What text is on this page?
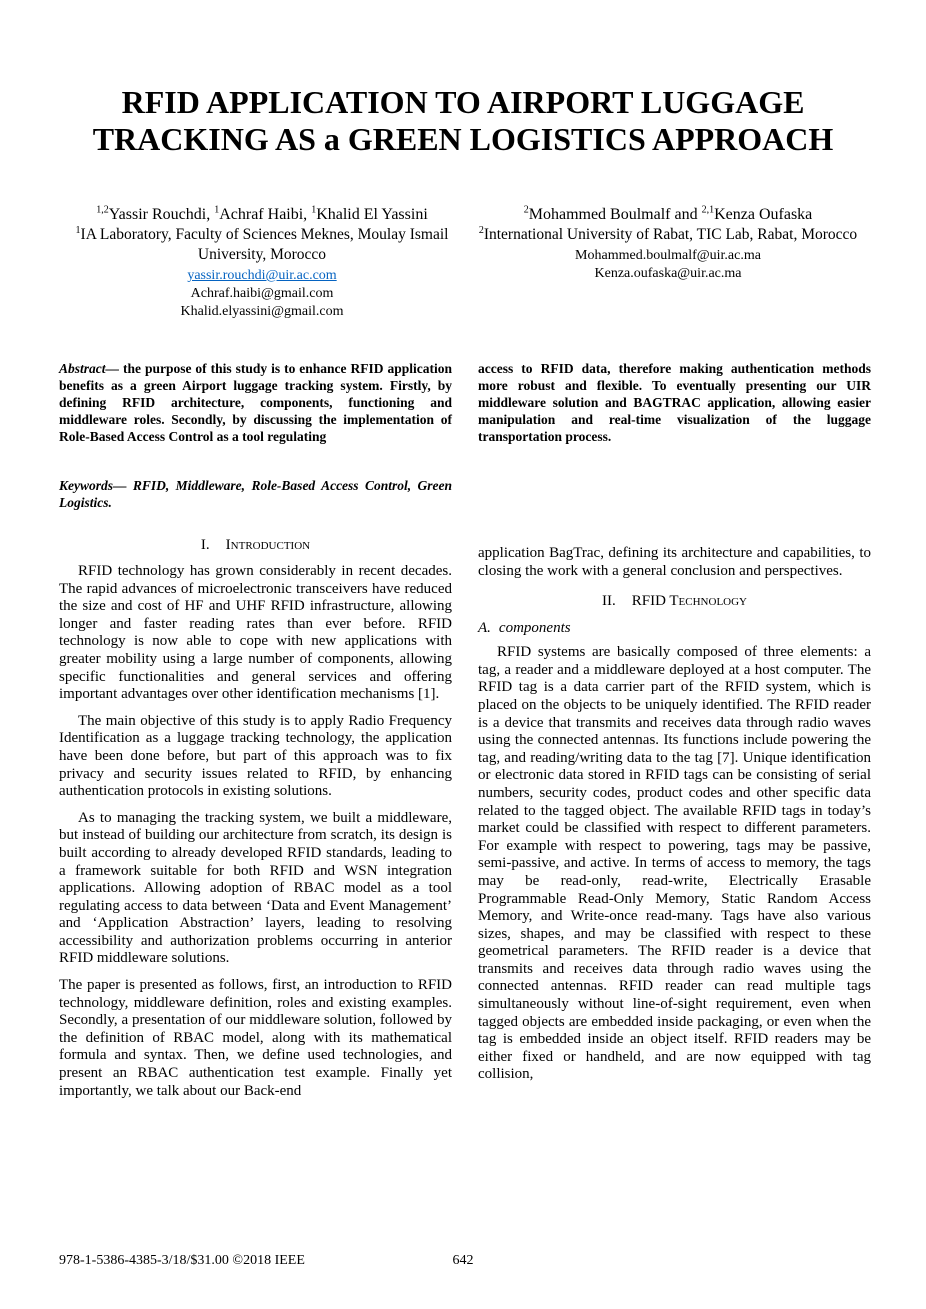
RFID APPLICATION TO AIRPORT LUGGAGE
TRACKING AS a GREEN LOGISTICS APPROACH
$^{1,2}$Yassir Rouchdi, $^1$Achraf Haibi, $^1$Khalid El Yassini
$^1$IA Laboratory, Faculty of Sciences Meknes, Moulay Ismail University, Morocco
yassir.rouchdi@uir.ac.com
Achraf.haibi@gmail.com
Khalid.elyassini@gmail.com
$^2$Mohammed Boulmalf and $^{2,1}$Kenza Oufaska
$^2$International University of Rabat, TIC Lab, Rabat, Morocco
Mohammed.boulmalf@uir.ac.ma
Kenza.oufaska@uir.ac.ma
Abstract— the purpose of this study is to enhance RFID application benefits as a green Airport luggage tracking system. Firstly, by defining RFID architecture, components, functioning and middleware roles. Secondly, by discussing the implementation of Role-Based Access Control as a tool regulating
access to RFID data, therefore making authentication methods more robust and flexible. To eventually presenting our UIR middleware solution and BAGTRAC application, allowing easier manipulation and real-time visualization of the luggage transportation process.
Keywords— RFID, Middleware, Role-Based Access Control, Green Logistics.
I. Introduction

RFID technology has grown considerably in recent decades. The rapid advances of microelectronic transceivers have reduced the size and cost of HF and UHF RFID infrastructure, allowing longer and faster reading rates than ever before. RFID technology is now able to cope with new applications with greater mobility using a large number of components, allowing specific functionalities and general services and offering important advantages over other identification mechanisms [1].

The main objective of this study is to apply Radio Frequency Identification as a luggage tracking technology, the application have been done before, but part of this approach was to fix privacy and security issues related to RFID, by enhancing authentication protocols in existing solutions.

As to managing the tracking system, we built a middleware, but instead of building our architecture from scratch, its design is built according to already developed RFID standards, leading to a framework suitable for both RFID and WSN integration applications. Allowing adoption of RBAC model as a tool regulating access to data between ‘Data and Event Management’ and ‘Application Abstraction’ layers, leading to resolving accessibility and authorization problems occurring in anterior RFID middleware solutions.

The paper is presented as follows, first, an introduction to RFID technology, middleware definition, roles and existing examples. Secondly, a presentation of our middleware solution, followed by the definition of RBAC model, along with its mathematical formula and syntax. Then, we define used technologies, and present an RBAC authentication test example. Finally yet importantly, we talk about our Back-end

application BagTrac, defining its architecture and capabilities, to closing the work with a general conclusion and perspectives.

II. RFID Technology
A. components

RFID systems are basically composed of three elements: a tag, a reader and a middleware deployed at a host computer. The RFID tag is a data carrier part of the RFID system, which is placed on the objects to be uniquely identified. The RFID reader is a device that transmits and receives data through radio waves using the connected antennas. Its functions include powering the tag, and reading/writing data to the tag [7]. Unique identification or electronic data stored in RFID tags can be consisting of serial numbers, security codes, product codes and other specific data related to the tagged object. The available RFID tags in today’s market could be classified with respect to different parameters. For example with respect to powering, tags may be passive, semi-passive, and active. In terms of access to memory, the tags may be read-only, read-write, Electrically Erasable Programmable Read-Only Memory, Static Random Access Memory, and Write-once read-many. Tags have also various sizes, shapes, and may be classified with respect to these geometrical parameters. The RFID reader is a device that transmits and receives data through radio waves using the connected antennas. RFID reader can read multiple tags simultaneously without line-of-sight requirement, even when tagged objects are embedded inside packaging, or even when the tag is embedded inside an object itself. RFID readers may be either fixed or handheld, and are now equipped with tag collision,

978-1-5386-4385-3/18/$31.00 ©2018 IEEE	642
